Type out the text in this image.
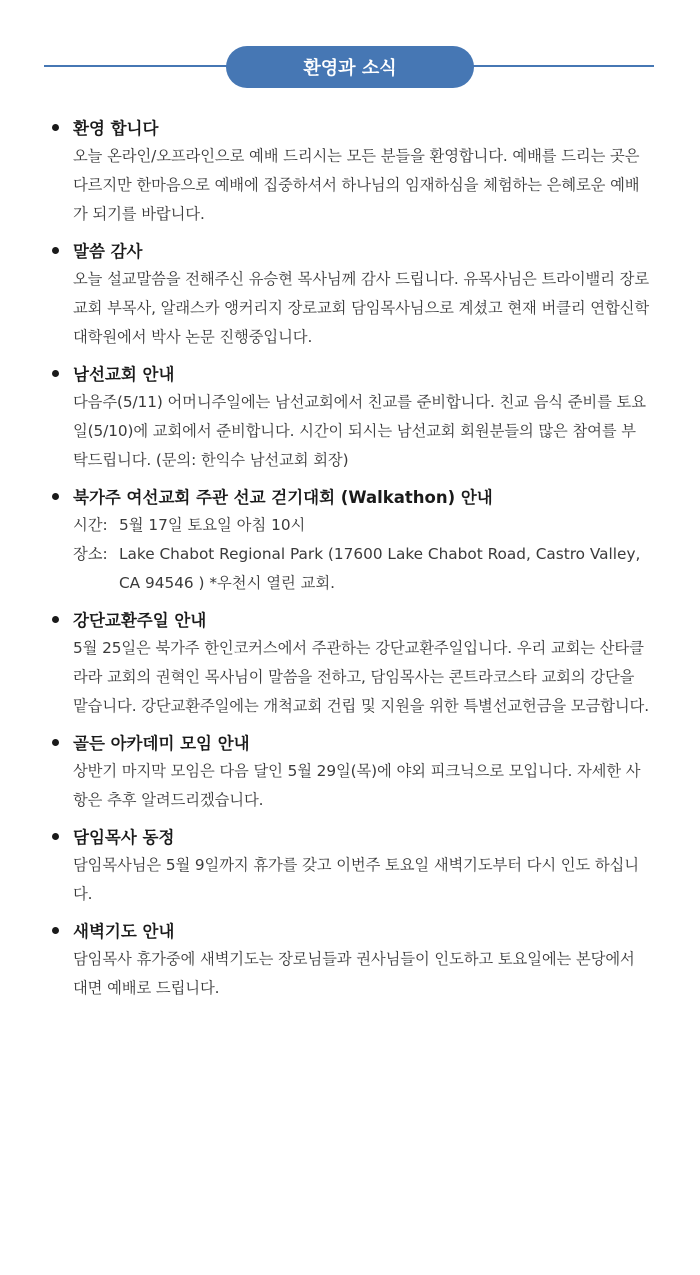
환영과 소식
환영 합니다

오늘 온라인/오프라인으로 예배 드리시는 모든 분들을 환영합니다. 예배를 드리는 곳은 다르지만 한마음으로 예배에 집중하셔서 하나님의 임재하심을 체험하는 은혜로운 예배가 되기를 바랍니다.

말씀 감사

오늘 설교말씀을 전해주신 유승현 목사님께 감사 드립니다. 유목사님은 트라이밸리 장로교회 부목사, 알래스카 앵커리지 장로교회 담임목사님으로 계셨고 현재 버클리 연합신학대학원에서 박사 논문 진행중입니다.

남선교회 안내

다음주(5/11) 어머니주일에는 남선교회에서 친교를 준비합니다. 친교 음식 준비를 토요일(5/10)에 교회에서 준비합니다. 시간이 되시는 남선교회 회원분들의 많은 참여를 부탁드립니다. (문의: 한익수 남선교회 회장)

북가주 여선교회 주관 선교 걷기대회 (Walkathon) 안내
시간: 5월 17일 토요일 아침 10시
장소: Lake Chabot Regional Park (17600 Lake Chabot Road, Castro Valley, CA 94546 ) *우천시 열린 교회.
강단교환주일 안내

5월 25일은 북가주 한인코커스에서 주관하는 강단교환주일입니다. 우리 교회는 산타클라라 교회의 권혁인 목사님이 말씀을 전하고, 담임목사는 콘트라코스타 교회의 강단을 맡습니다. 강단교환주일에는 개척교회 건립 및 지원을 위한 특별선교헌금을 모금합니다.

골든 아카데미 모임 안내

상반기 마지막 모임은 다음 달인 5월 29일(목)에 야외 피크닉으로 모입니다. 자세한 사항은 추후 알려드리겠습니다.

담임목사 동정

담임목사님은 5월 9일까지 휴가를 갖고 이번주 토요일 새벽기도부터 다시 인도 하십니다.

새벽기도 안내

담임목사 휴가중에 새벽기도는 장로님들과 권사님들이 인도하고 토요일에는 본당에서 대면 예배로 드립니다.
